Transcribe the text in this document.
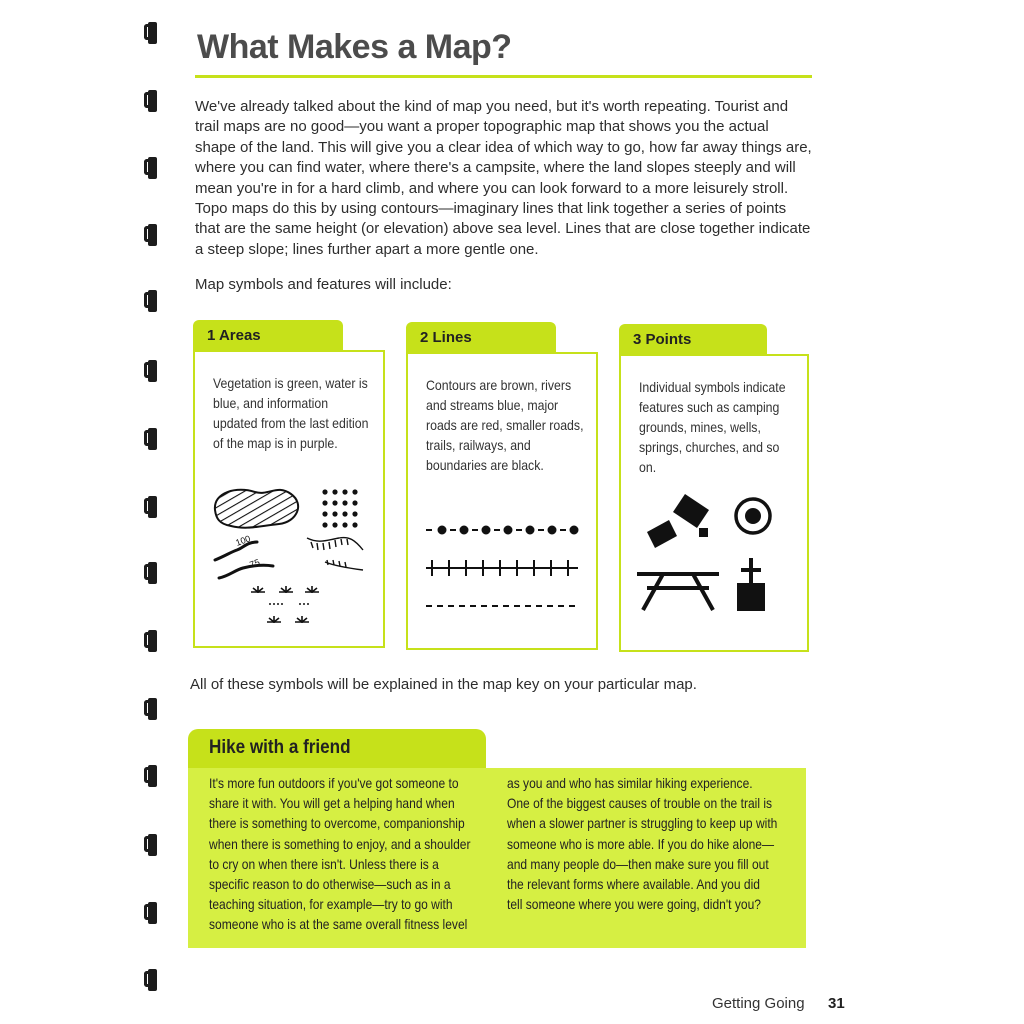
What Makes a Map?

We've already talked about the kind of map you need, but it's worth repeating. Tourist and trail maps are no good—you want a proper topographic map that shows you the actual shape of the land. This will give you a clear idea of which way to go, how far away things are, where you can find water, where there's a campsite, where the land slopes steeply and will mean you're in for a hard climb, and where you can look forward to a more leisurely stroll. Topo maps do this by using contours—imaginary lines that link together a series of points that are the same height (or elevation) above sea level. Lines that are close together indicate a steep slope; lines further apart a more gentle one.

Map symbols and features will include:

1 Areas
Vegetation is green, water is blue, and information updated from the last edition of the map is in purple.
100
75
2 Lines
Contours are brown, rivers and streams blue, major roads are red, smaller roads, trails, railways, and boundaries are black.
3 Points
Individual symbols indicate features such as camping grounds, mines, wells, springs, churches, and so on.

All of these symbols will be explained in the map key on your particular map.

Hike with a friend

It's more fun outdoors if you've got someone to share it with. You will get a helping hand when there is something to overcome, companionship when there is something to enjoy, and a shoulder to cry on when there isn't. Unless there is a specific reason to do otherwise—such as in a teaching situation, for example—try to go with someone who is at the same overall fitness level

as you and who has similar hiking experience. One of the biggest causes of trouble on the trail is when a slower partner is struggling to keep up with someone who is more able. If you do hike alone—and many people do—then make sure you fill out the relevant forms where available. And you did tell someone where you were going, didn't you?

Getting Going 31
